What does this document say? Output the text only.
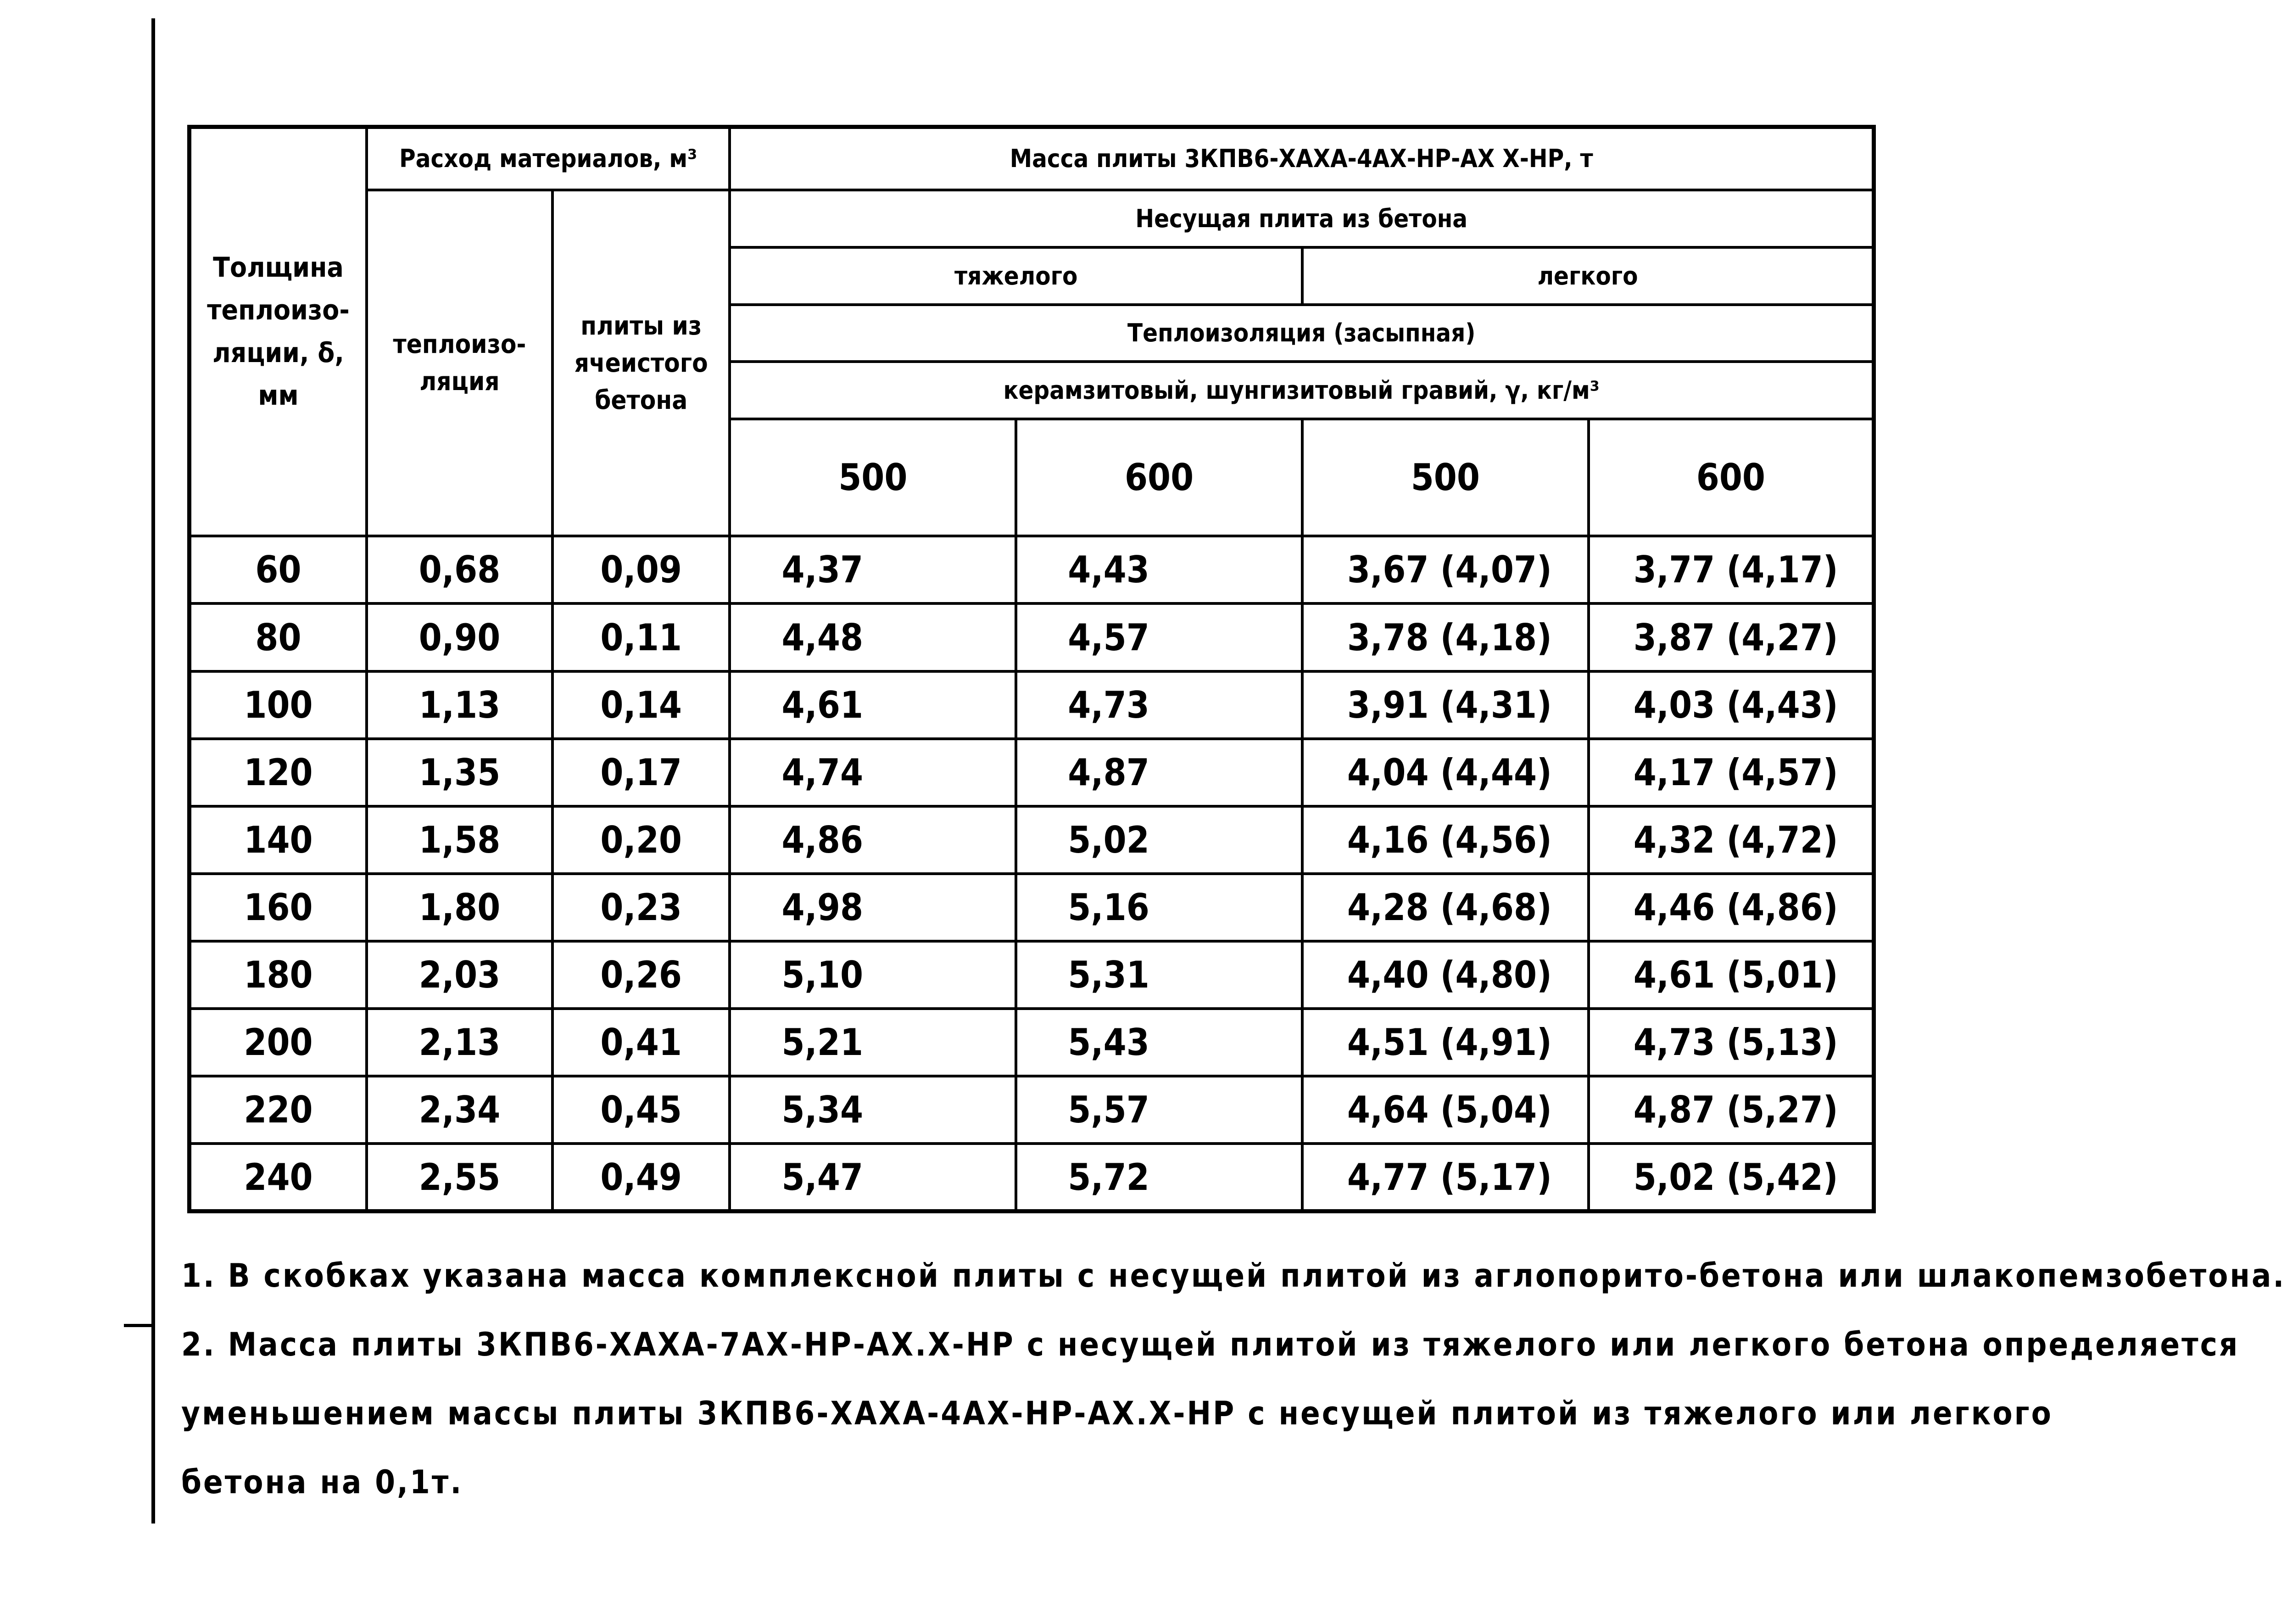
Толщина теплоизо-ляции, δ, мм	Расход материалов, м³		Масса плиты 3КПВ6-ХАХА-4АХ-НР-АХ Х-НР, т			
	теплоизо-ляция	плиты из ячеистого бетона	Несущая плита из бетона			
			тяжелого		легкого	
			Теплоизоляция (засыпная)			
			керамзитовый, шунгизитовый гравий, γ, кг/м³			
			500	600	500	600
60	0,68	0,09	4,37	4,43	3,67 (4,07)	3,77 (4,17)
80	0,90	0,11	4,48	4,57	3,78 (4,18)	3,87 (4,27)
100	1,13	0,14	4,61	4,73	3,91 (4,31)	4,03 (4,43)
120	1,35	0,17	4,74	4,87	4,04 (4,44)	4,17 (4,57)
140	1,58	0,20	4,86	5,02	4,16 (4,56)	4,32 (4,72)
160	1,80	0,23	4,98	5,16	4,28 (4,68)	4,46 (4,86)
180	2,03	0,26	5,10	5,31	4,40 (4,80)	4,61 (5,01)
200	2,13	0,41	5,21	5,43	4,51 (4,91)	4,73 (5,13)
220	2,34	0,45	5,34	5,57	4,64 (5,04)	4,87 (5,27)
240	2,55	0,49	5,47	5,72	4,77 (5,17)	5,02 (5,42)

1. В скобках указана масса комплексной плиты с несущей плитой из аглопорито-бетона или шлакопемзобетона.

2. Масса плиты 3КПВ6-ХАХА-7АХ-НР-АХ.Х-НР с несущей плитой из тяжелого или легкого бетона определяется

уменьшением массы плиты 3КПВ6-ХАХА-4АХ-НР-АХ.Х-НР с несущей плитой из тяжелого или легкого

бетона на 0,1т.
